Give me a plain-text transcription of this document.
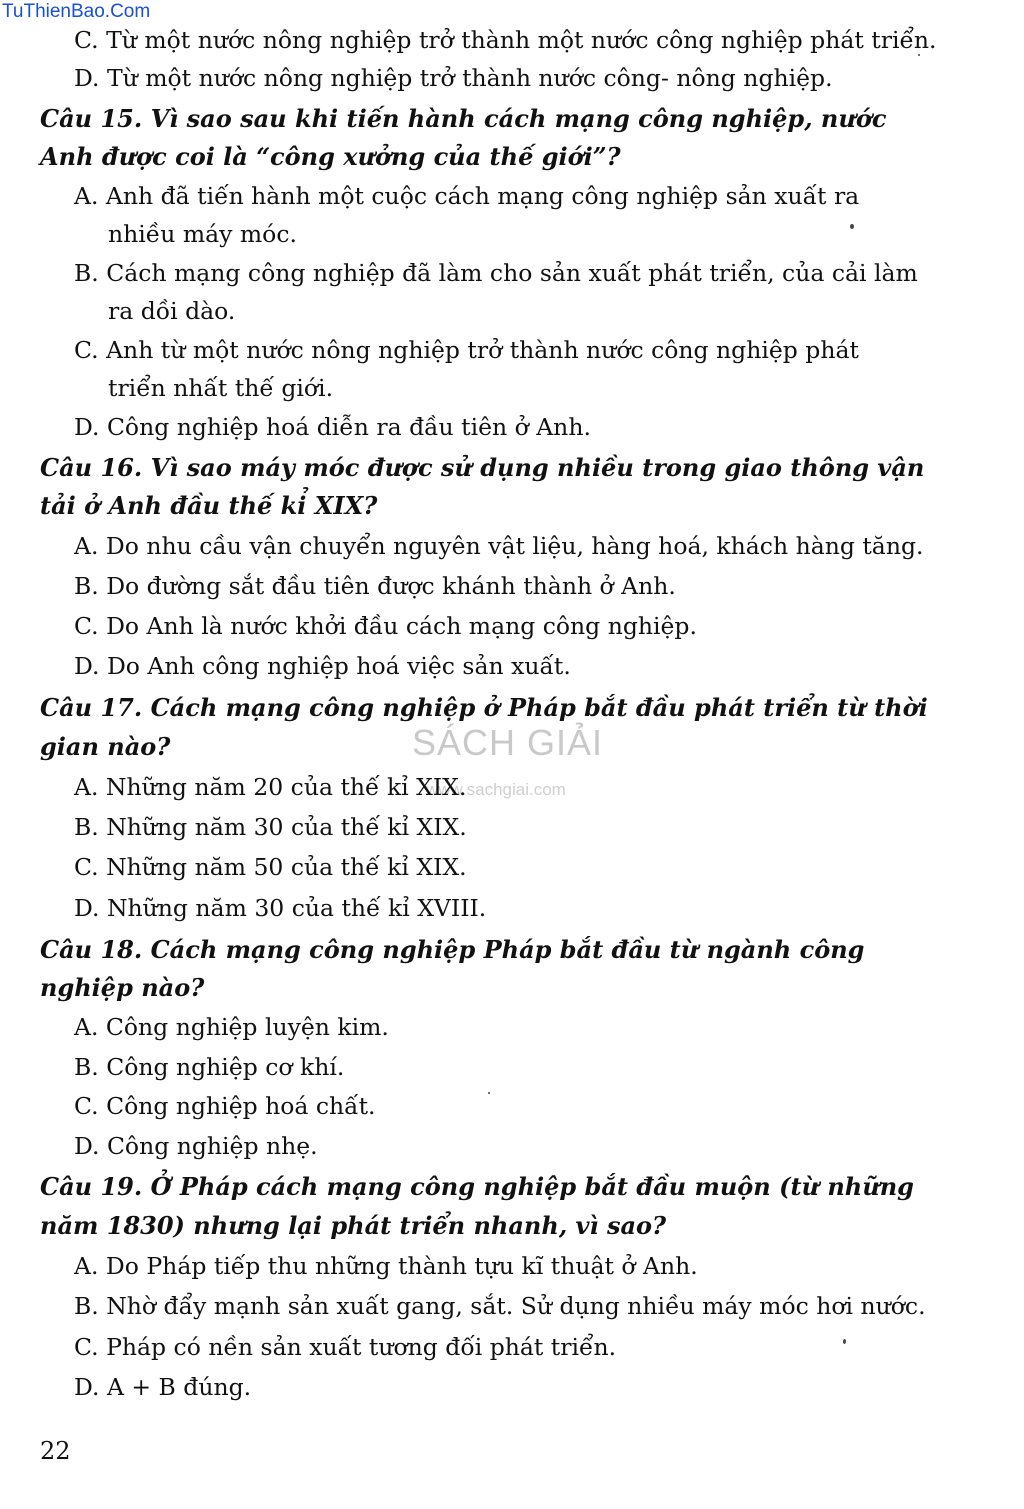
TuThienBao.Com
SÁCH GIẢI
www.sachgiai.com
C. Từ một nước nông nghiệp trở thành một nước công nghiệp phát triển.
D. Từ một nước nông nghiệp trở thành nước công- nông nghiệp.
Câu 15. Vì sao sau khi tiến hành cách mạng công nghiệp, nước
Anh được coi là “công xưởng của thế giới”?
A. Anh đã tiến hành một cuộc cách mạng công nghiệp sản xuất ra
nhiều máy móc.
B. Cách mạng công nghiệp đã làm cho sản xuất phát triển, của cải làm
ra dồi dào.
C. Anh từ một nước nông nghiệp trở thành nước công nghiệp phát
triển nhất thế giới.
D. Công nghiệp hoá diễn ra đầu tiên ở Anh.
Câu 16. Vì sao máy móc được sử dụng nhiều trong giao thông vận
tải ở Anh đầu thế kỉ XIX?
A. Do nhu cầu vận chuyển nguyên vật liệu, hàng hoá, khách hàng tăng.
B. Do đường sắt đầu tiên được khánh thành ở Anh.
C. Do Anh là nước khởi đầu cách mạng công nghiệp.
D. Do Anh công nghiệp hoá việc sản xuất.
Câu 17. Cách mạng công nghiệp ở Pháp bắt đầu phát triển từ thời
gian nào?
A. Những năm 20 của thế kỉ XIX.
B. Những năm 30 của thế kỉ XIX.
C. Những năm 50 của thế kỉ XIX.
D. Những năm 30 của thế kỉ XVIII.
Câu 18. Cách mạng công nghiệp Pháp bắt đầu từ ngành công
nghiệp nào?
A. Công nghiệp luyện kim.
B. Công nghiệp cơ khí.
C. Công nghiệp hoá chất.
D. Công nghiệp nhẹ.
Câu 19. Ở Pháp cách mạng công nghiệp bắt đầu muộn (từ những
năm 1830) nhưng lại phát triển nhanh, vì sao?
A. Do Pháp tiếp thu những thành tựu kĩ thuật ở Anh.
B. Nhờ đẩy mạnh sản xuất gang, sắt. Sử dụng nhiều máy móc hơi nước.
C. Pháp có nền sản xuất tương đối phát triển.
D. A + B đúng.
22
